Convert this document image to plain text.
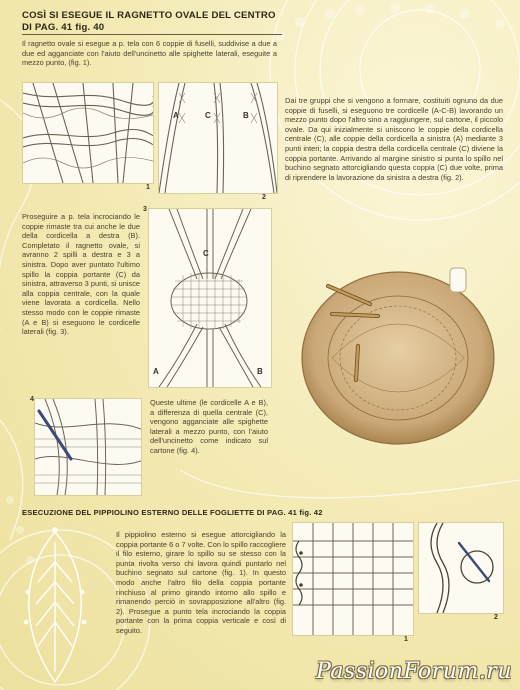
COSÌ SI ESEGUE IL RAGNETTO OVALE DEL CENTRO
DI PAG. 41 fig. 40
Il ragnetto ovale si esegue a p. tela con 6 coppie di fuselli, suddivise a due a due ed agganciate con l'aiuto dell'uncinetto alle spighette laterali, eseguite a mezzo punto, (fig. 1).
1
A	C	B
2
Dai tre gruppi che si vengono a formare, costituiti ognuno da due coppie di fuselli, si eseguono tre cordicelle (A-C-B) lavorando un mezzo punto dopo l'altro sino a raggiungere, sul cartone, il piccolo ovale. Da qui inizialmente si uniscono le coppie della cordicella centrale (C), alle coppie della cordicella a sinistra (A) mediante 3 punti interi; la coppia destra della cordicella centrale (C) diviene la coppia portante. Arrivando al margine sinistro si punta lo spillo nel buchino segnato attorcigliando questa coppia (C) due volte, prima di riprendere la lavorazione da sinistra a destra (fig. 2).
Proseguire a p. tela incrociando le coppie rimaste tra cui anche le due della cordicella a destra (B). Completato il ragnetto ovale, si avranno 2 spilli a destra e 3 a sinistra. Dopo aver puntato l'ultimo spillo la coppia portante (C) da sinistra, attraverso 3 punti, si unisce alla coppia centrale, con la quale viene lavorata a cordicella. Nello stesso modo con le coppie rimaste (A e B) si eseguono le cordicelle laterali (fig. 3).
3
A
C
B
4	Queste ultime (le cordicelle A e B), a differenza di quella centrale (C), vengono agganciate alle spighette laterali a mezzo punto, con l'aiuto dell'uncinetto come indicato sul cartone (fig. 4).
ESECUZIONE DEL PIPPIOLINO ESTERNO DELLE FOGLIETTE DI PAG. 41 fig. 42
Il pippiolino esterno si esegue attorcigliando la coppia portante 6 o 7 volte. Con lo spillo raccogliere il filo esterno, girare lo spillo su se stesso con la punta rivolta verso chi lavora quindi puntarlo nel buchino segnato sul cartone (fig. 1). In questo modo anche l'altro filo della coppia portante rinchiuso al primo girando intorno allo spillo e rimanendo perciò in sovrapposizione all'altro (fig. 2). Prosegue a punto tela incrociando la coppia portante con la prima coppia verticale e così di seguito.
1
2
PassionForum.ru
